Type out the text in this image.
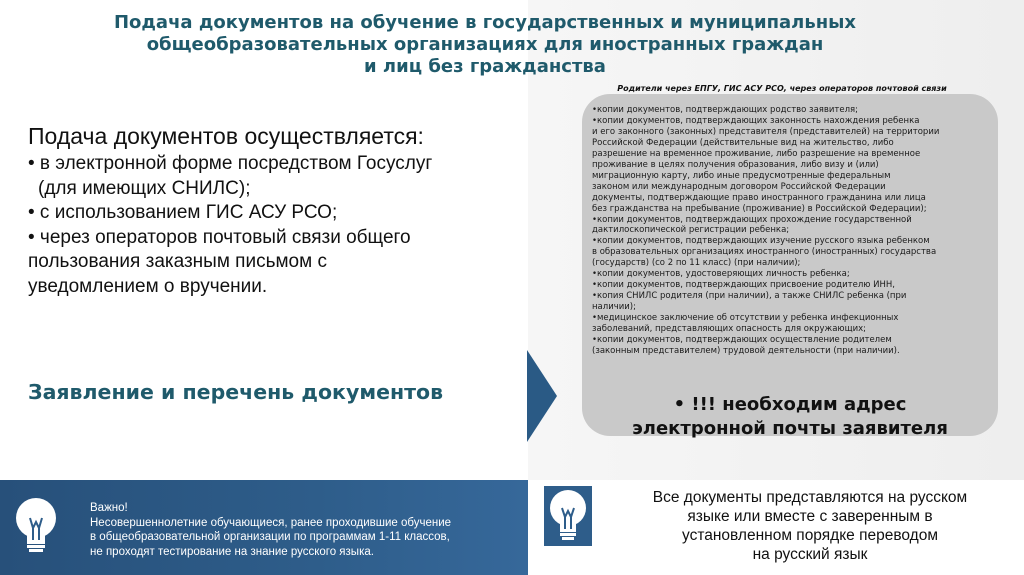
Подача документов на обучение в государственных и муниципальных
общеобразовательных организациях для иностранных граждан
и лиц без гражданства
Подача документов осуществляется:
• в электронной форме посредством Госуслуг
(для имеющих СНИЛС);
• с использованием ГИС АСУ РСО;
• через операторов почтовый связи общего
пользования заказным письмом с
уведомлением о вручении.
Заявление и перечень документов
Родители через ЕПГУ, ГИС АСУ РСО, через операторов почтовой связи
•копии документов, подтверждающих родство заявителя;
•копии документов, подтверждающих законность нахождения ребенка
и его законного (законных) представителя (представителей) на территории
Российской Федерации (действительные вид на жительство, либо
разрешение на временное проживание, либо разрешение на временное
проживание в целях получения образования, либо визу и (или)
миграционную карту, либо иные предусмотренные федеральным
законом или международным договором Российской Федерации
документы, подтверждающие право иностранного гражданина или лица
без гражданства на пребывание (проживание) в Российской Федерации);
•копии документов, подтверждающих прохождение государственной
дактилоскопической регистрации ребенка;
•копии документов, подтверждающих изучение русского языка ребенком
в образовательных организациях иностранного (иностранных) государства
(государств) (со 2 по 11 класс) (при наличии);
•копии документов, удостоверяющих личность ребенка;
•копии документов, подтверждающих присвоение родителю ИНН,
•копия СНИЛС родителя (при наличии), а также СНИЛС ребенка (при
наличии);
•медицинское заключение об отсутствии у ребенка инфекционных
заболеваний, представляющих опасность для окружающих;
•копии документов, подтверждающих осуществление родителем
(законным представителем) трудовой деятельности (при наличии).
• !!! необходим адрес
электронной почты заявителя
Важно!
Несовершеннолетние обучающиеся, ранее проходившие обучение
в общеобразовательной организации по программам 1-11 классов,
не проходят тестирование на знание русского языка.
Все документы представляются на русском
языке или вместе с заверенным в
установленном порядке переводом
на русский язык
